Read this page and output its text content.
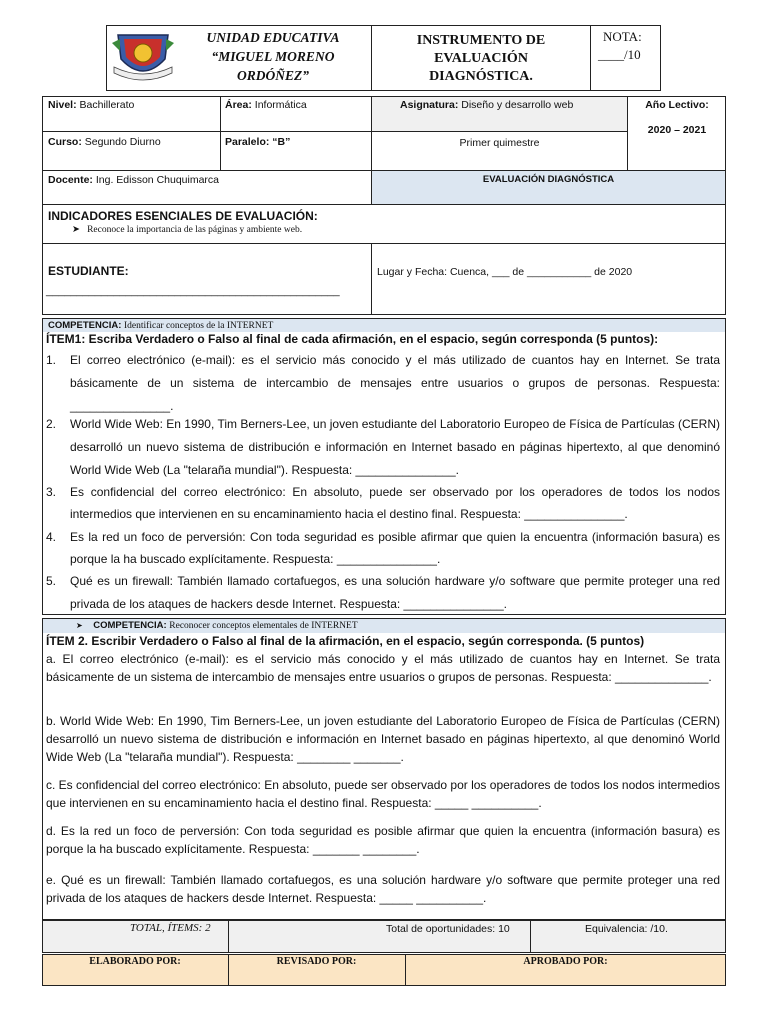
UNIDAD EDUCATIVA
“MIGUEL MORENO
ORDÓÑEZ”
INSTRUMENTO DE
EVALUACIÓN
DIAGNÓSTICA.
NOTA:
____/10
Nivel: Bachillerato	Área: Informática	Asignatura: Diseño y desarrollo web	Año Lectivo:
2020 – 2021
Curso: Segundo Diurno	Paralelo: “B”	Primer quimestre
Docente: Ing. Edisson Chuquimarca	EVALUACIÓN DIAGNÓSTICA
INDICADORES ESENCIALES DE EVALUACIÓN:
➤ Reconoce la importancia de las páginas y ambiente web.
ESTUDIANTE:
________________________________________________
Lugar y Fecha: Cuenca, ___ de ___________ de 2020
COMPETENCIA: Identificar conceptos de la INTERNET
ÍTEM1: Escriba Verdadero o Falso al final de cada afirmación, en el espacio, según corresponda (5 puntos):
1. El correo electrónico (e-mail): es el servicio más conocido y el más utilizado de cuantos hay en Internet. Se trata básicamente de un sistema de intercambio de mensajes entre usuarios o grupos de personas. Respuesta: _______________.
2. World Wide Web: En 1990, Tim Berners-Lee, un joven estudiante del Laboratorio Europeo de Física de Partículas (CERN) desarrolló un nuevo sistema de distribución e información en Internet basado en páginas hipertexto, al que denominó World Wide Web (La "telaraña mundial"). Respuesta: _______________.
3. Es confidencial del correo electrónico: En absoluto, puede ser observado por los operadores de todos los nodos intermedios que intervienen en su encaminamiento hacia el destino final. Respuesta: _______________.
4. Es la red un foco de perversión: Con toda seguridad es posible afirmar que quien la encuentra (información basura) es porque la ha buscado explícitamente. Respuesta: _______________.
5. Qué es un firewall: También llamado cortafuegos, es una solución hardware y/o software que permite proteger una red privada de los ataques de hackers desde Internet. Respuesta: _______________.
➤ COMPETENCIA: Reconocer conceptos elementales de INTERNET
ÍTEM 2. Escribir Verdadero o Falso al final de la afirmación, en el espacio, según corresponda. (5 puntos)
a. El correo electrónico (e-mail): es el servicio más conocido y el más utilizado de cuantos hay en Internet. Se trata básicamente de un sistema de intercambio de mensajes entre usuarios o grupos de personas. Respuesta: ______________.
b. World Wide Web: En 1990, Tim Berners-Lee, un joven estudiante del Laboratorio Europeo de Física de Partículas (CERN) desarrolló un nuevo sistema de distribución e información en Internet basado en páginas hipertexto, al que denominó World Wide Web (La "telaraña mundial"). Respuesta: ________ _______.
c. Es confidencial del correo electrónico: En absoluto, puede ser observado por los operadores de todos los nodos intermedios que intervienen en su encaminamiento hacia el destino final. Respuesta: _____ __________.
d. Es la red un foco de perversión: Con toda seguridad es posible afirmar que quien la encuentra (información basura) es porque la ha buscado explícitamente. Respuesta: _______ ________.
e. Qué es un firewall: También llamado cortafuegos, es una solución hardware y/o software que permite proteger una red privada de los ataques de hackers desde Internet. Respuesta: _____ __________.
TOTAL, ÍTEMS: 2	Total de oportunidades: 10	Equivalencia: /10.
ELABORADO POR:	REVISADO POR:	APROBADO POR:
